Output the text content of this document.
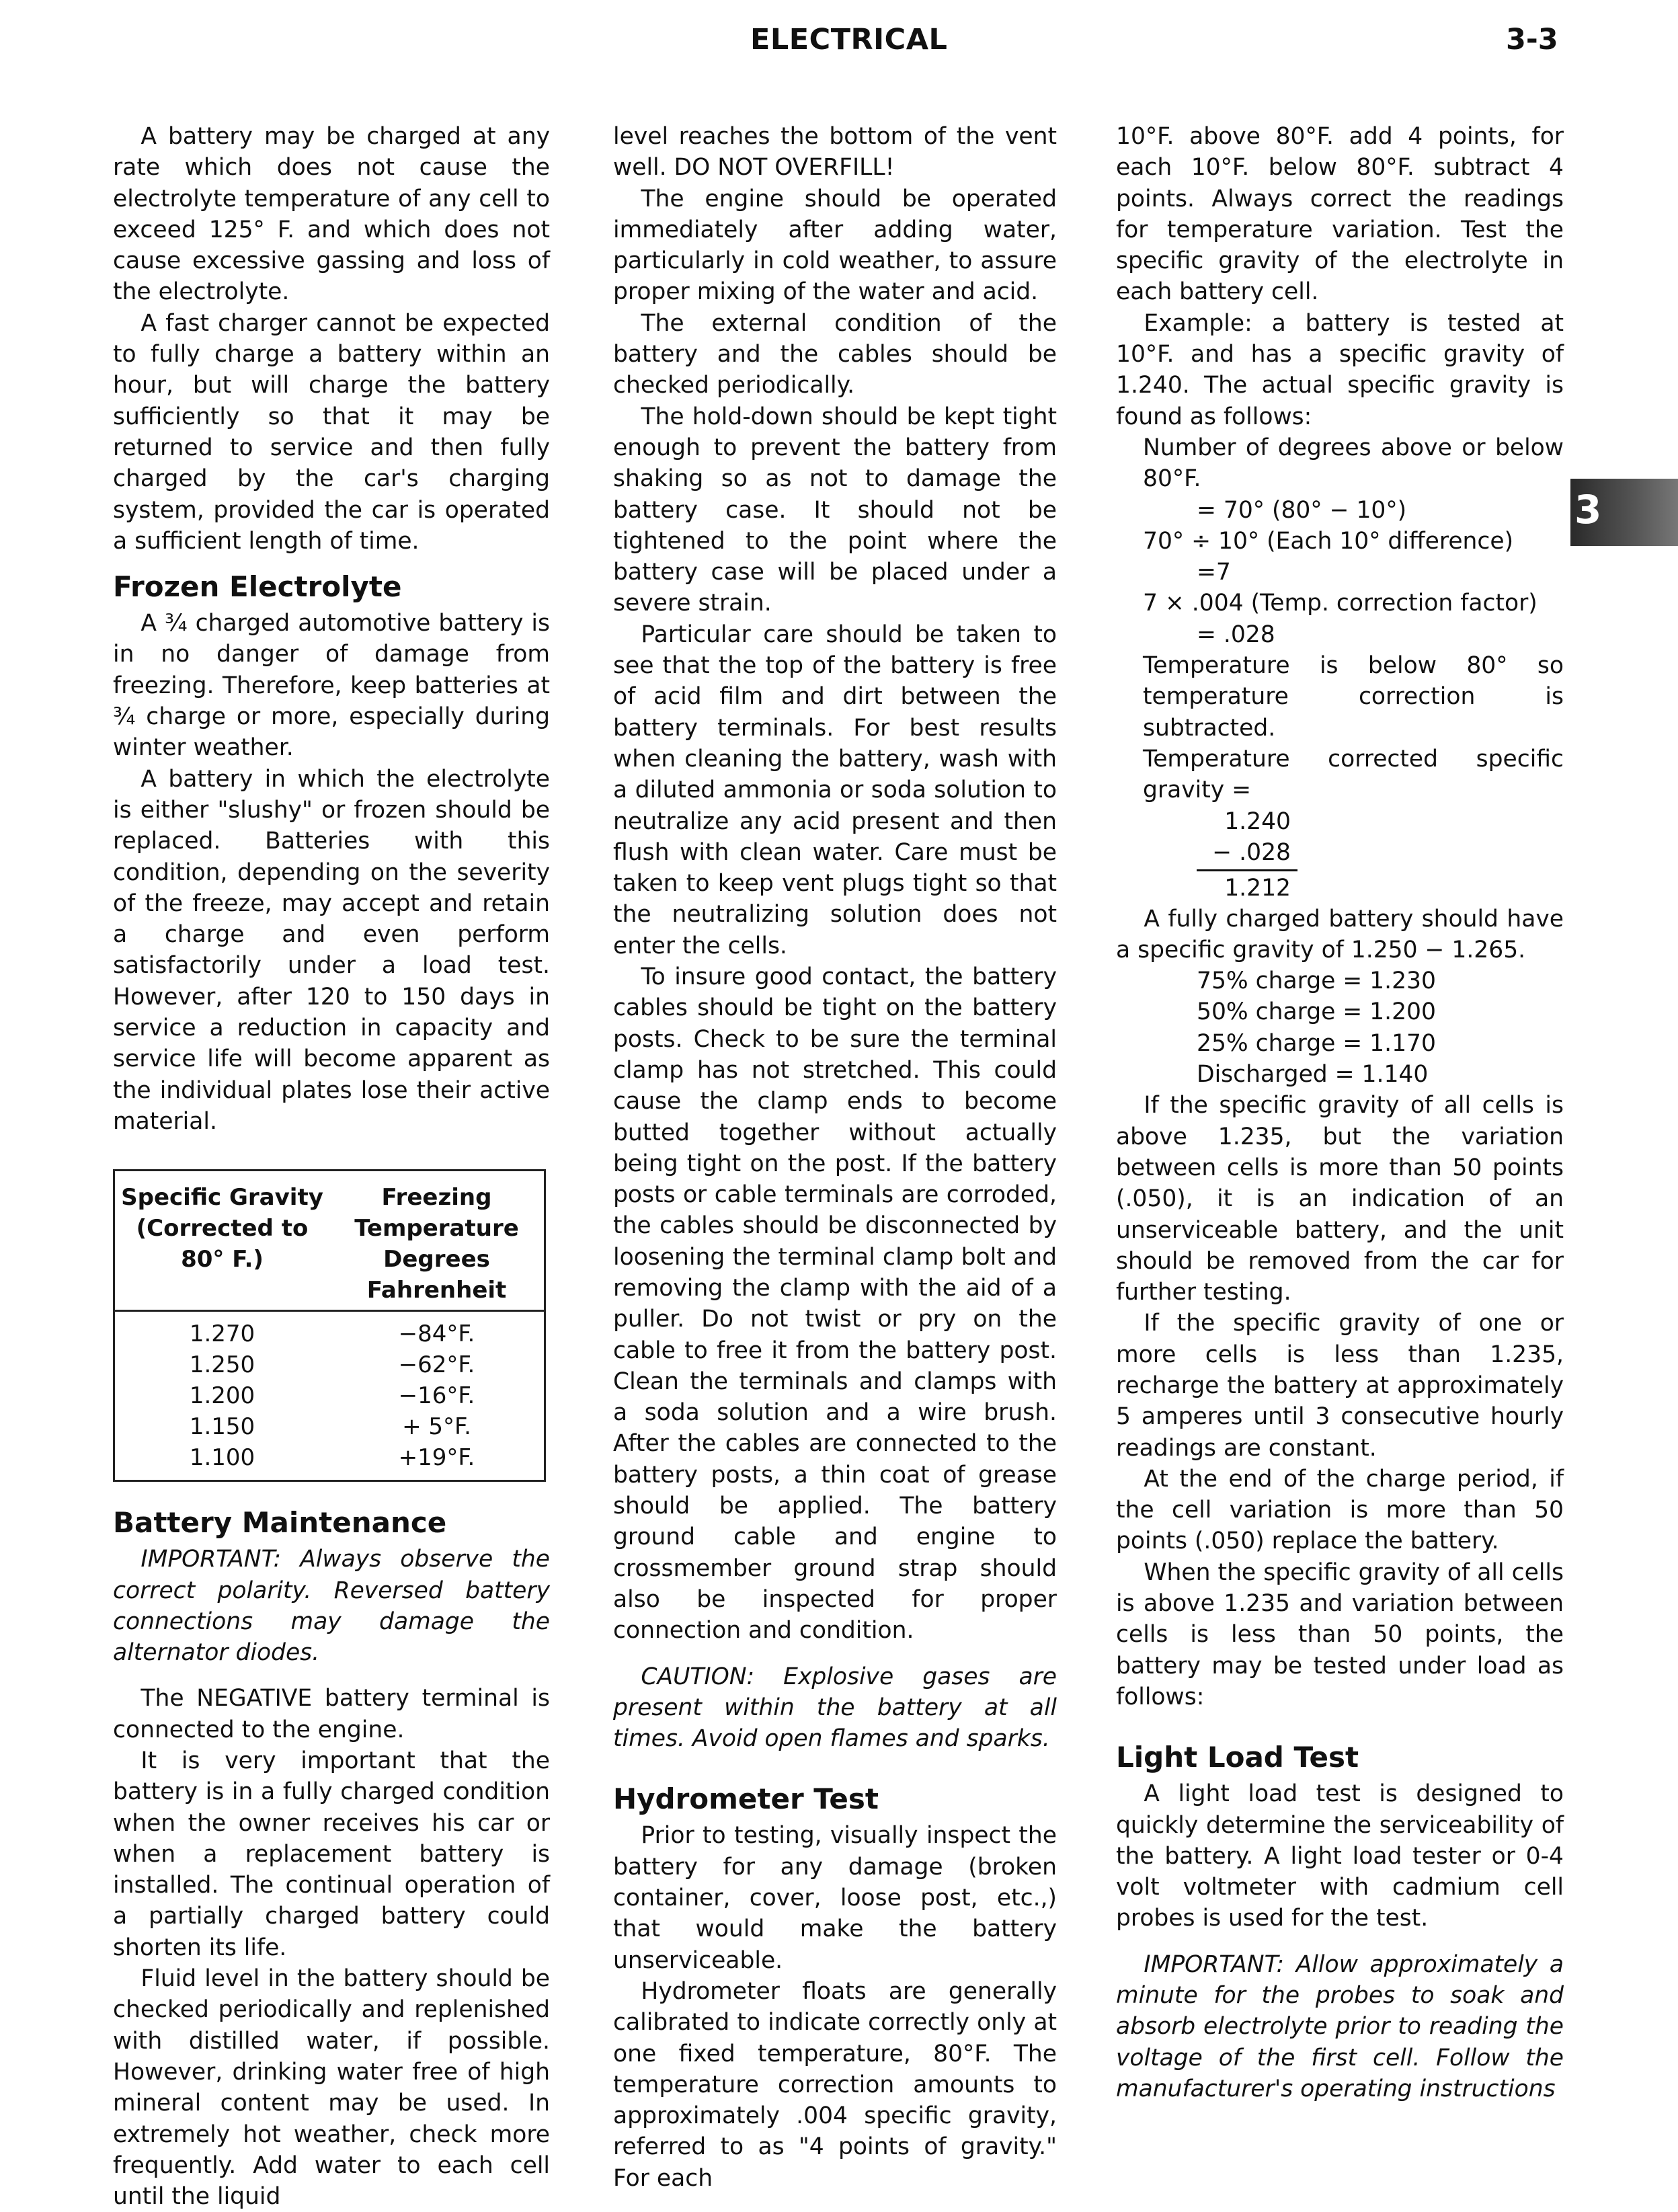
ELECTRICAL	3-3
3

A battery may be charged at any rate which does not cause the electrolyte temperature of any cell to exceed 125° F. and which does not cause excessive gassing and loss of the electrolyte.

A fast charger cannot be expected to fully charge a battery within an hour, but will charge the battery sufficiently so that it may be returned to service and then fully charged by the car's charging system, provided the car is operated a sufficient length of time.

Frozen Electrolyte

A ¾ charged automotive battery is in no danger of damage from freezing. Therefore, keep batteries at ¾ charge or more, especially during winter weather.

A battery in which the electrolyte is either "slushy" or frozen should be replaced. Batteries with this condition, depending on the severity of the freeze, may accept and retain a charge and even perform satisfactorily under a load test. However, after 120 to 150 days in service a reduction in capacity and service life will become apparent as the individual plates lose their active material.

Specific Gravity (Corrected to 80° F.)	Freezing Temperature Degrees Fahrenheit
1.270	−84°F.
1.250	−62°F.
1.200	−16°F.
1.150	+ 5°F.
1.100	+19°F.
Battery Maintenance

IMPORTANT: Always observe the correct polarity. Reversed battery connections may damage the alternator diodes.

The NEGATIVE battery terminal is connected to the engine.

It is very important that the battery is in a fully charged condition when the owner receives his car or when a replacement battery is installed. The continual operation of a partially charged battery could shorten its life.

Fluid level in the battery should be checked periodically and replenished with distilled water, if possible. However, drinking water free of high mineral content may be used. In extremely hot weather, check more frequently. Add water to each cell until the liquid

level reaches the bottom of the vent well. DO NOT OVERFILL!

The engine should be operated immediately after adding water, particularly in cold weather, to assure proper mixing of the water and acid.

The external condition of the battery and the cables should be checked periodically.

The hold-down should be kept tight enough to prevent the battery from shaking so as not to damage the battery case. It should not be tightened to the point where the battery case will be placed under a severe strain.

Particular care should be taken to see that the top of the battery is free of acid film and dirt between the battery terminals. For best results when cleaning the battery, wash with a diluted ammonia or soda solution to neutralize any acid present and then flush with clean water. Care must be taken to keep vent plugs tight so that the neutralizing solution does not enter the cells.

To insure good contact, the battery cables should be tight on the battery posts. Check to be sure the terminal clamp has not stretched. This could cause the clamp ends to become butted together without actually being tight on the post. If the battery posts or cable terminals are corroded, the cables should be disconnected by loosening the terminal clamp bolt and removing the clamp with the aid of a puller. Do not twist or pry on the cable to free it from the battery post. Clean the terminals and clamps with a soda solution and a wire brush. After the cables are connected to the battery posts, a thin coat of grease should be applied. The battery ground cable and engine to crossmember ground strap should also be inspected for proper connection and condition.

CAUTION: Explosive gases are present within the battery at all times. Avoid open flames and sparks.

Hydrometer Test

Prior to testing, visually inspect the battery for any damage (broken container, cover, loose post, etc.,) that would make the battery unserviceable.

Hydrometer floats are generally calibrated to indicate correctly only at one fixed temperature, 80°F. The temperature correction amounts to approximately .004 specific gravity, referred to as "4 points of gravity." For each

10°F. above 80°F. add 4 points, for each 10°F. below 80°F. subtract 4 points. Always correct the readings for temperature variation. Test the specific gravity of the electrolyte in each battery cell.

Example: a battery is tested at 10°F. and has a specific gravity of 1.240. The actual specific gravity is found as follows:

Number of degrees above or below 80°F.

= 70° (80° − 10°)

70° ÷ 10° (Each 10° difference)

=7

7 × .004 (Temp. correction factor)

= .028

Temperature is below 80° so temperature correction is subtracted.

Temperature corrected specific gravity =

1.240
− .028
1.212

A fully charged battery should have a specific gravity of 1.250 − 1.265.

75% charge = 1.230

50% charge = 1.200

25% charge = 1.170

Discharged = 1.140

If the specific gravity of all cells is above 1.235, but the variation between cells is more than 50 points (.050), it is an indication of an unserviceable battery, and the unit should be removed from the car for further testing.

If the specific gravity of one or more cells is less than 1.235, recharge the battery at approximately 5 amperes until 3 consecutive hourly readings are constant.

At the end of the charge period, if the cell variation is more than 50 points (.050) replace the battery.

When the specific gravity of all cells is above 1.235 and variation between cells is less than 50 points, the battery may be tested under load as follows:

Light Load Test

A light load test is designed to quickly determine the serviceability of the battery. A light load tester or 0-4 volt voltmeter with cadmium cell probes is used for the test.

IMPORTANT: Allow approximately a minute for the probes to soak and absorb electrolyte prior to reading the voltage of the first cell. Follow the manufacturer's operating instructions
